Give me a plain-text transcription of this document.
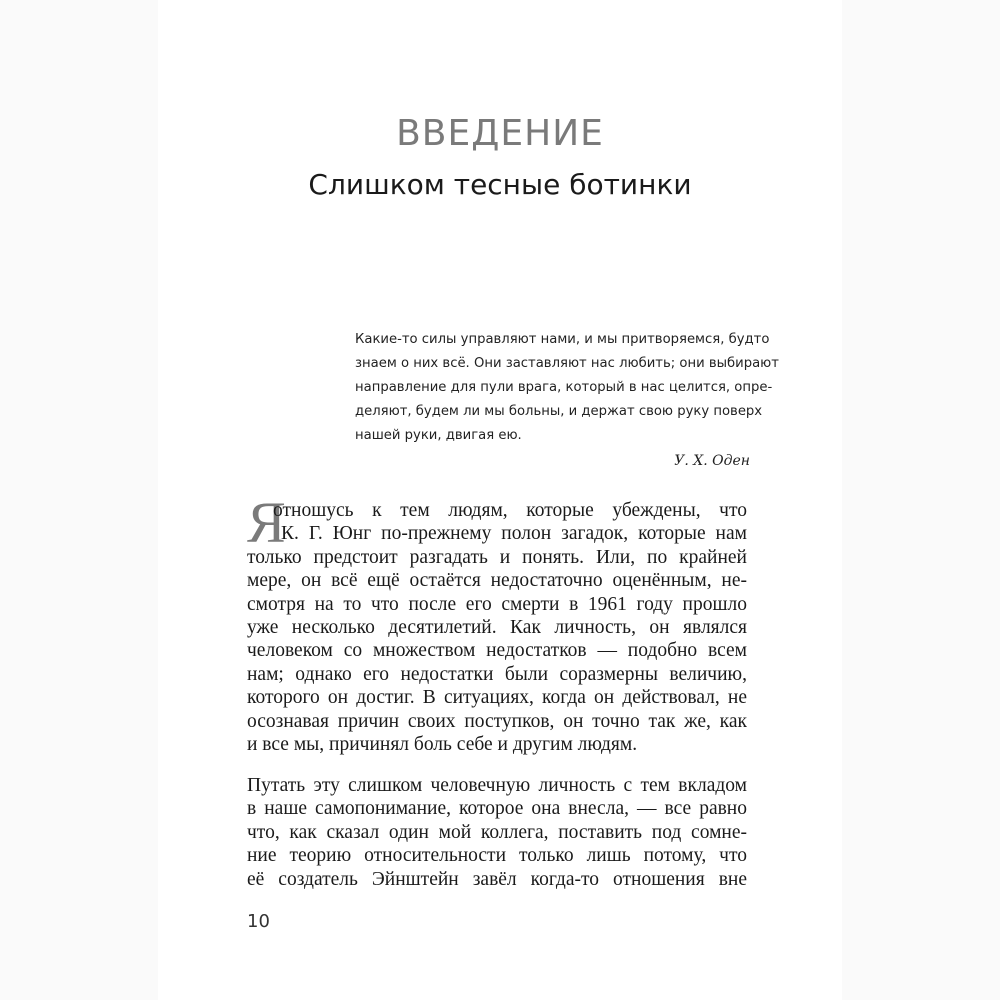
ВВЕДЕНИЕ
Слишком тесные ботинки
Какие-то силы управляют нами, и мы притворяемся, будто
знаем о них всё. Они заставляют нас любить; они выбирают
направление для пули врага, который в нас целится, опре-
деляют, будем ли мы больны, и держат свою руку поверх
нашей руки, двигая ею.
У. Х. Оден
Я
отношусь к тем людям, которые убеждены, что
К. Г. Юнг по-прежнему полон загадок, которые нам
только предстоит разгадать и понять. Или, по крайней
мере, он всё ещё остаётся недостаточно оценённым, не-
смотря на то что после его смерти в 1961 году прошло
уже несколько десятилетий. Как личность, он являлся
человеком со множеством недостатков — подобно всем
нам; однако его недостатки были соразмерны величию,
которого он достиг. В ситуациях, когда он действовал, не
осознавая причин своих поступков, он точно так же, как
и все мы, причинял боль себе и другим людям.
Путать эту слишком человечную личность с тем вкладом
в наше самопонимание, которое она внесла, — все равно
что, как сказал один мой коллега, поставить под сомне-
ние теорию относительности только лишь потому, что
её создатель Эйнштейн завёл когда-то отношения вне
10
